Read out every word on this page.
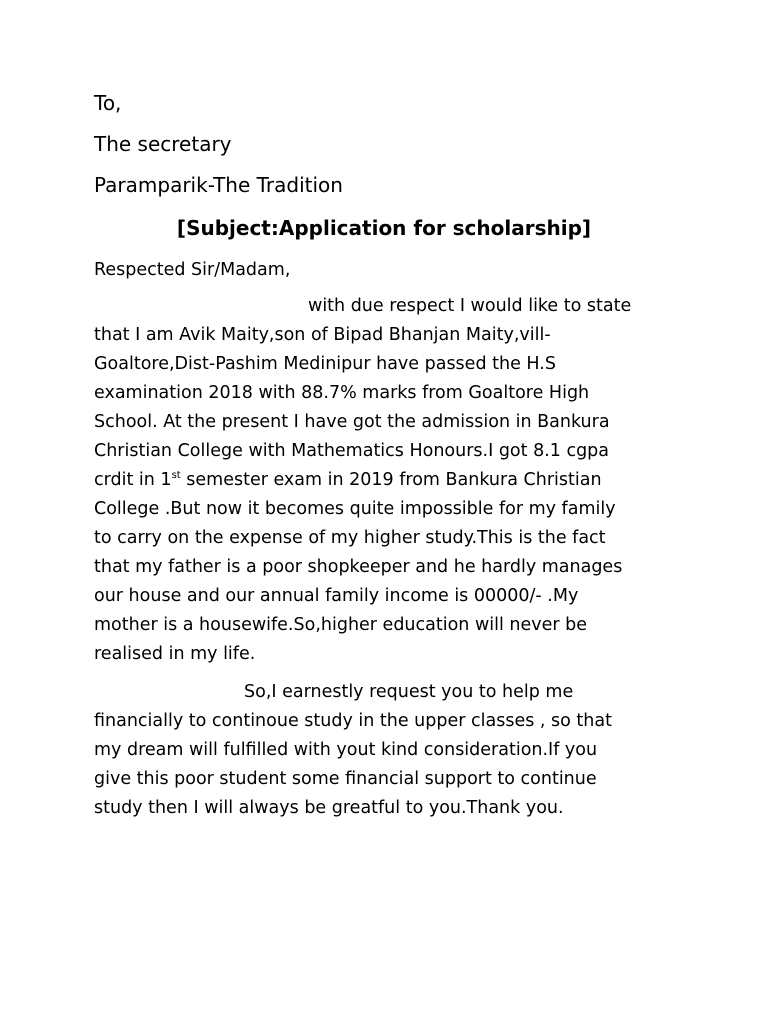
To,
The secretary
Paramparik-The Tradition
[Subject:Application for scholarship]
Respected Sir/Madam,
with due respect I would like to state
that I am Avik Maity,son of Bipad Bhanjan Maity,vill-
Goaltore,Dist-Pashim Medinipur have passed the H.S
examination 2018 with 88.7% marks from Goaltore High
School. At the present I have got the admission in Bankura
Christian College with Mathematics Honours.I got 8.1 cgpa
crdit in 1st semester exam in 2019 from Bankura Christian
College .But now it becomes quite impossible for my family
to carry on the expense of my higher study.This is the fact
that my father is a poor shopkeeper and he hardly manages
our house and our annual family income is 00000/- .My
mother is a housewife.So,higher education will never be
realised in my life.
So,I earnestly request you to help me
financially to continoue study in the upper classes , so that
my dream will fulfilled with yout kind consideration.If you
give this poor student some financial support to continue
study then I will always be greatful to you.Thank you.
